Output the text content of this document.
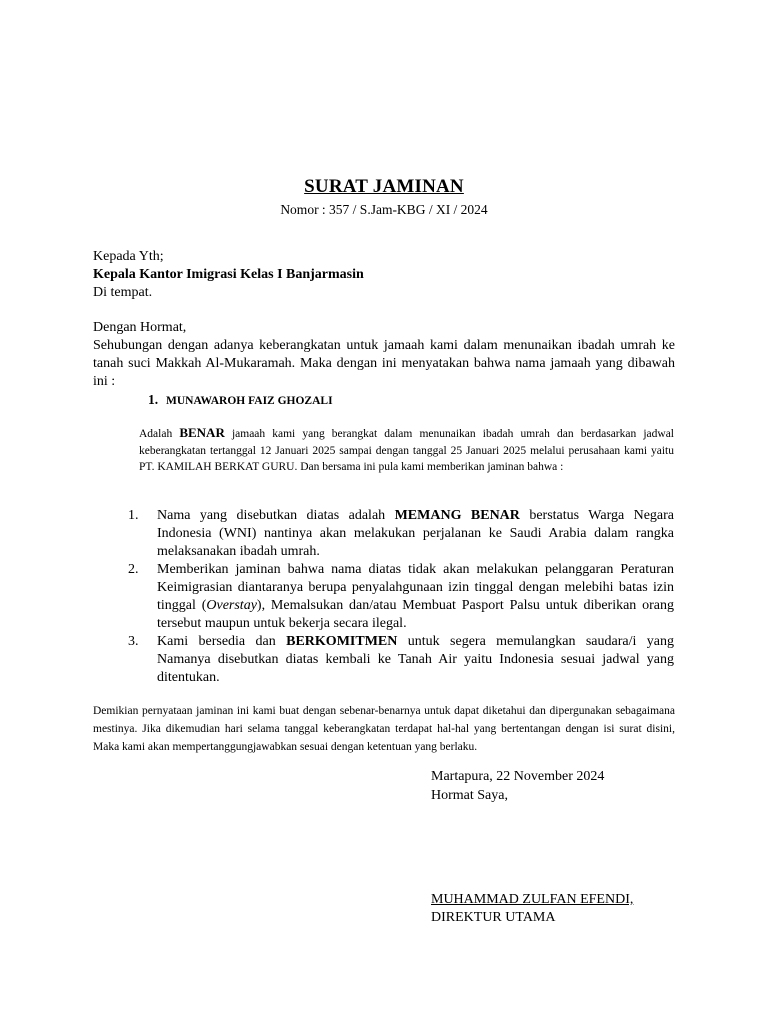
SURAT JAMINAN
Nomor : 357 / S.Jam-KBG / XI / 2024
Kepada Yth;
Kepala Kantor Imigrasi Kelas I Banjarmasin
Di tempat.
Dengan Hormat,
Sehubungan dengan adanya keberangkatan untuk jamaah kami dalam menunaikan ibadah umrah ke tanah suci Makkah Al-Mukaramah. Maka dengan ini menyatakan bahwa nama jamaah yang dibawah ini :
1. MUNAWAROH FAIZ GHOZALI
Adalah BENAR jamaah kami yang berangkat dalam menunaikan ibadah umrah dan berdasarkan jadwal keberangkatan tertanggal 12 Januari 2025 sampai dengan tanggal 25 Januari 2025 melalui perusahaan kami yaitu PT. KAMILAH BERKAT GURU. Dan bersama ini pula kami memberikan jaminan bahwa :
1.	Nama yang disebutkan diatas adalah MEMANG BENAR berstatus Warga Negara Indonesia (WNI) nantinya akan melakukan perjalanan ke Saudi Arabia dalam rangka melaksanakan ibadah umrah.
2.	Memberikan jaminan bahwa nama diatas tidak akan melakukan pelanggaran Peraturan Keimigrasian diantaranya berupa penyalahgunaan izin tinggal dengan melebihi batas izin tinggal (Overstay), Memalsukan dan/atau Membuat Pasport Palsu untuk diberikan orang tersebut maupun untuk bekerja secara ilegal.
3.	Kami bersedia dan BERKOMITMEN untuk segera memulangkan saudara/i yang Namanya disebutkan diatas kembali ke Tanah Air yaitu Indonesia sesuai jadwal yang ditentukan.
Demikian pernyataan jaminan ini kami buat dengan sebenar-benarnya untuk dapat diketahui dan dipergunakan sebagaimana mestinya. Jika dikemudian hari selama tanggal keberangkatan terdapat hal-hal yang bertentangan dengan isi surat disini, Maka kami akan mempertanggungjawabkan sesuai dengan ketentuan yang berlaku.
Martapura, 22 November 2024
Hormat Saya,
MUHAMMAD ZULFAN EFENDI,
DIREKTUR UTAMA
